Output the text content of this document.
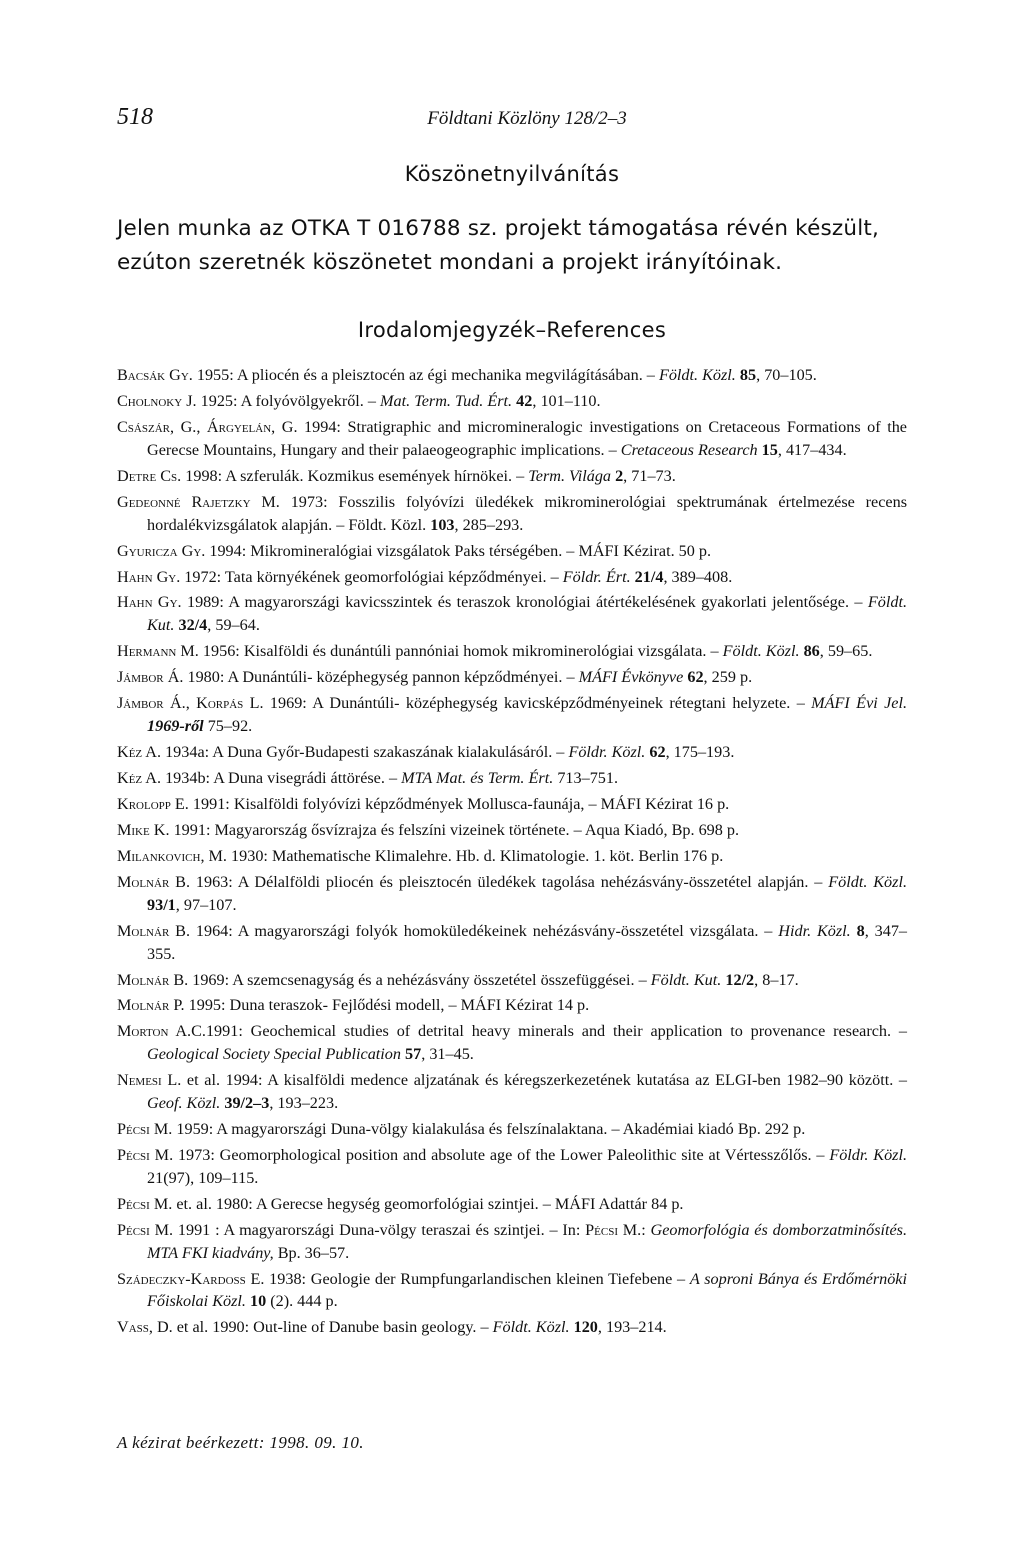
518	Földtani Közlöny 128/2–3
Köszönetnyilvánítás
Jelen munka az OTKA T 016788 sz. projekt támogatása révén készült, ezúton szeretnék köszönetet mondani a projekt irányítóinak.
Irodalomjegyzék–References

Bacsák Gy. 1955: A pliocén és a pleisztocén az égi mechanika megvilágításában. – Földt. Közl. 85, 70–105.

Cholnoky J. 1925: A folyóvölgyekről. – Mat. Term. Tud. Ért. 42, 101–110.

Császár, G., Árgyelán, G. 1994: Stratigraphic and micromineralogic investigations on Cretaceous Formations of the Gerecse Mountains, Hungary and their palaeogeographic implications. – Cretaceous Research 15, 417–434.

Detre Cs. 1998: A szferulák. Kozmikus események hírnökei. – Term. Világa 2, 71–73.

Gedeonné Rajetzky M. 1973: Fosszilis folyóvízi üledékek mikrominerológiai spektrumának értelmezése recens hordalékvizsgálatok alapján. – Földt. Közl. 103, 285–293.

Gyuricza Gy. 1994: Mikromineralógiai vizsgálatok Paks térségében. – MÁFI Kézirat. 50 p.

Hahn Gy. 1972: Tata környékének geomorfológiai képződményei. – Földr. Ért. 21/4, 389–408.

Hahn Gy. 1989: A magyarországi kavicsszintek és teraszok kronológiai átértékelésének gyakorlati jelentősége. – Földt. Kut. 32/4, 59–64.

Hermann M. 1956: Kisalföldi és dunántúli pannóniai homok mikrominerológiai vizsgálata. – Földt. Közl. 86, 59–65.

Jámbor Á. 1980: A Dunántúli- középhegység pannon képződményei. – MÁFI Évkönyve 62, 259 p.

Jámbor Á., Korpás L. 1969: A Dunántúli- középhegység kavicsképződményeinek rétegtani helyzete. – MÁFI Évi Jel. 1969-ről 75–92.

Kéz A. 1934a: A Duna Győr-Budapesti szakaszának kialakulásáról. – Földr. Közl. 62, 175–193.

Kéz A. 1934b: A Duna visegrádi áttörése. – MTA Mat. és Term. Ért. 713–751.

Krolopp E. 1991: Kisalföldi folyóvízi képződmények Mollusca-faunája, – MÁFI Kézirat 16 p.

Mike K. 1991: Magyarország ősvízrajza és felszíni vizeinek története. – Aqua Kiadó, Bp. 698 p.

Milankovich, M. 1930: Mathematische Klimalehre. Hb. d. Klimatologie. 1. köt. Berlin 176 p.

Molnár B. 1963: A Délalföldi pliocén és pleisztocén üledékek tagolása nehézásvány-összetétel alapján. – Földt. Közl. 93/1, 97–107.

Molnár B. 1964: A magyarországi folyók homoküledékeinek nehézásvány-összetétel vizsgálata. – Hidr. Közl. 8, 347–355.

Molnár B. 1969: A szemcsenagyság és a nehézásvány összetétel összefüggései. – Földt. Kut. 12/2, 8–17.

Molnár P. 1995: Duna teraszok- Fejlődési modell, – MÁFI Kézirat 14 p.

Morton A.C.1991: Geochemical studies of detrital heavy minerals and their application to provenance research. – Geological Society Special Publication 57, 31–45.

Nemesi L. et al. 1994: A kisalföldi medence aljzatának és kéregszerkezetének kutatása az ELGI-ben 1982–90 között. – Geof. Közl. 39/2–3, 193–223.

Pécsi M. 1959: A magyarországi Duna-völgy kialakulása és felszínalaktana. – Akadémiai kiadó Bp. 292 p.

Pécsi M. 1973: Geomorphological position and absolute age of the Lower Paleolithic site at Vértesszőlős. – Földr. Közl. 21(97), 109–115.

Pécsi M. et. al. 1980: A Gerecse hegység geomorfológiai szintjei. – MÁFI Adattár 84 p.

Pécsi M. 1991 : A magyarországi Duna-völgy teraszai és szintjei. – In: Pécsi M.: Geomorfológia és domborzatminősítés. MTA FKI kiadvány, Bp. 36–57.

Szádeczky-Kardoss E. 1938: Geologie der Rumpfungarlandischen kleinen Tiefebene – A soproni Bánya és Erdőmérnöki Főiskolai Közl. 10 (2). 444 p.

Vass, D. et al. 1990: Out-line of Danube basin geology. – Földt. Közl. 120, 193–214.

A kézirat beérkezett: 1998. 09. 10.
